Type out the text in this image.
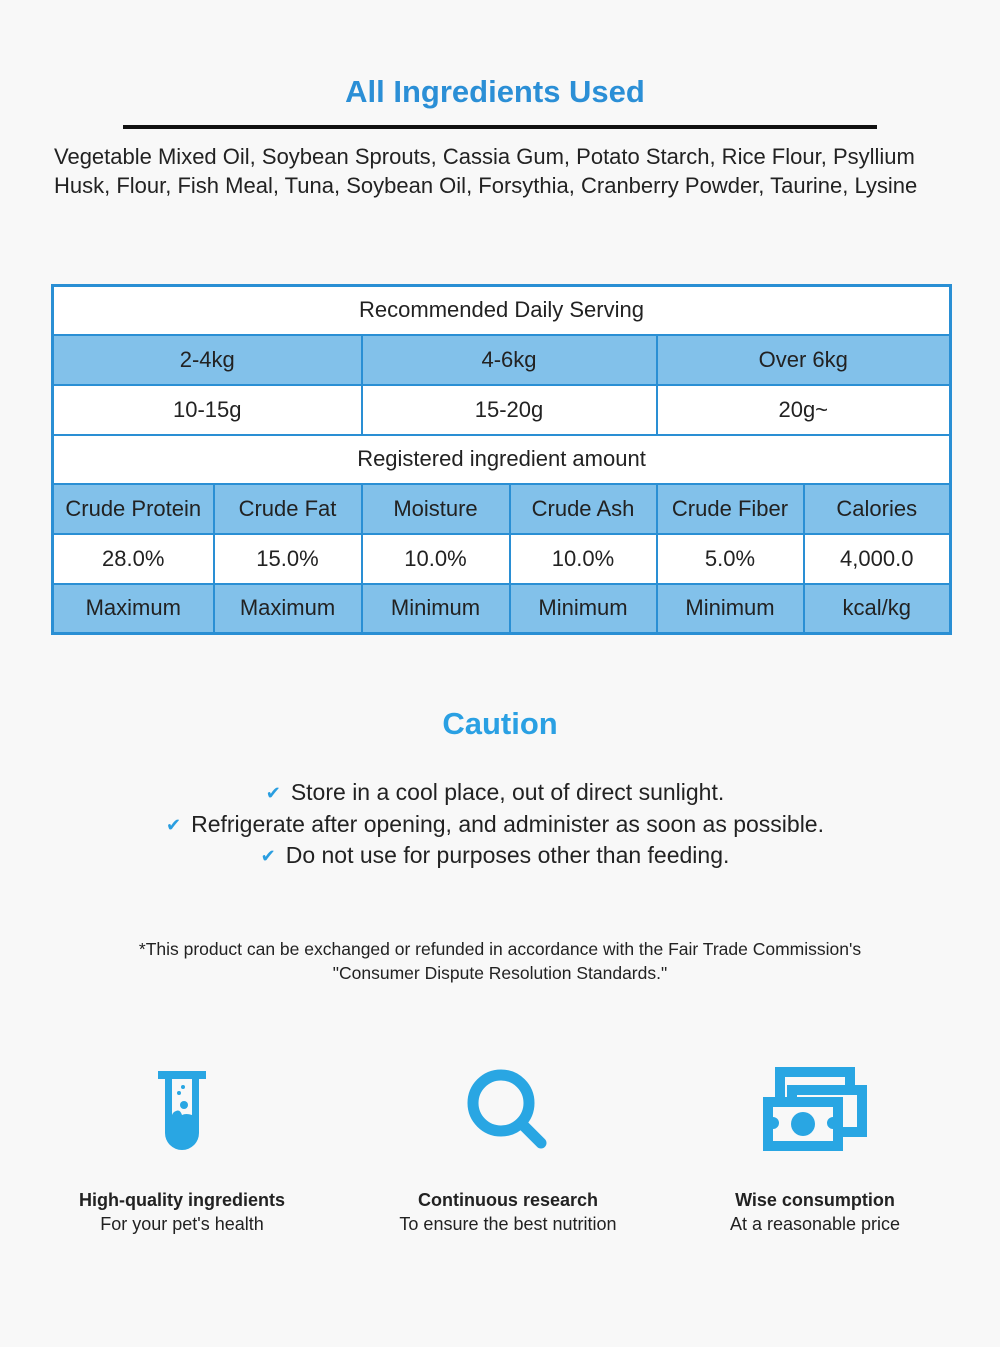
All Ingredients Used
Vegetable Mixed Oil, Soybean Sprouts, Cassia Gum, Potato Starch, Rice Flour, Psyllium Husk, Flour, Fish Meal, Tuna, Soybean Oil, Forsythia, Cranberry Powder, Taurine, Lysine
Recommended Daily Serving					
2-4kg		4-6kg		Over 6kg	
10-15g		15-20g		20g~	
Registered ingredient amount					
Crude Protein	Crude Fat	Moisture	Crude Ash	Crude Fiber	Calories
28.0%	15.0%	10.0%	10.0%	5.0%	4,000.0
Maximum	Maximum	Minimum	Minimum	Minimum	kcal/kg
Caution
✔ Store in a cool place, out of direct sunlight.
✔ Refrigerate after opening, and administer as soon as possible.
✔ Do not use for purposes other than feeding.
*This product can be exchanged or refunded in accordance with the Fair Trade Commission's
"Consumer Dispute Resolution Standards."
High-quality ingredients
For your pet's health
Continuous research
To ensure the best nutrition
Wise consumption
At a reasonable price
